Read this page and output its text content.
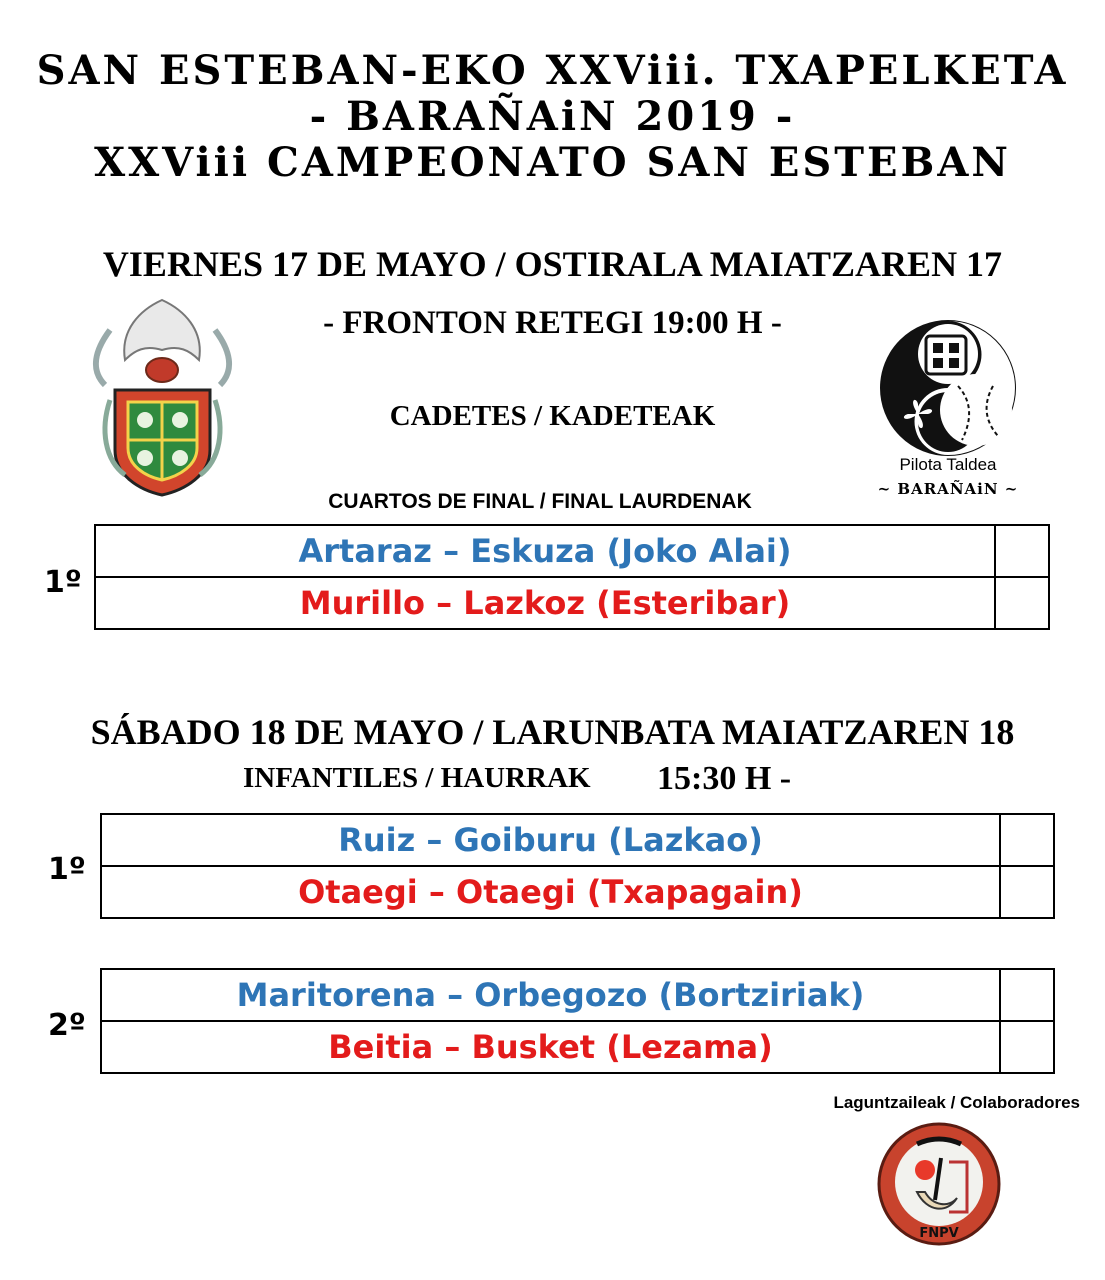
SAN ESTEBAN-EKO XXViii. TXAPELKETA
- BARAÑAiN 2019 -
XXViii CAMPEONATO SAN ESTEBAN
VIERNES 17 DE MAYO / OSTIRALA MAIATZAREN 17
- FRONTON RETEGI 19:00 H -
CADETES / KADETEAK
CUARTOS DE FINAL / FINAL LAURDENAK
Pilota Taldea
~ BARAÑAiN ~
1º
Artaraz – Eskuza (Joko Alai)	
Murillo – Lazkoz (Esteribar)	
SÁBADO 18 DE MAYO / LARUNBATA MAIATZAREN 18
INFANTILES / HAURRAK 15:30 H -
1º
Ruiz – Goiburu (Lazkao)	
Otaegi – Otaegi (Txapagain)	
2º
Maritorena – Orbegozo (Bortziriak)	
Beitia – Busket (Lezama)	
Laguntzaileak / Colaboradores
FNPV
